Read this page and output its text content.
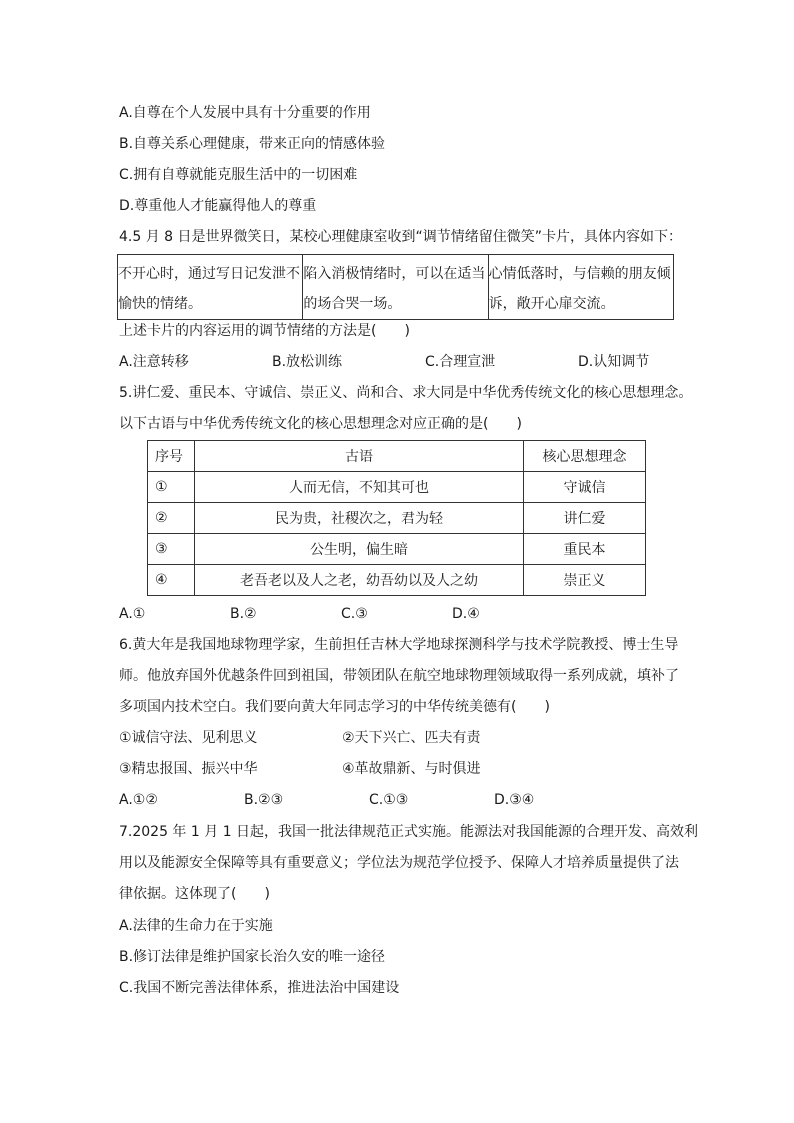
A.自尊在个人发展中具有十分重要的作用
B.自尊关系心理健康，带来正向的情感体验
C.拥有自尊就能克服生活中的一切困难
D.尊重他人才能赢得他人的尊重
4.5 月 8 日是世界微笑日，某校心理健康室收到“调节情绪留住微笑”卡片，具体内容如下：
不开心时，通过写日记发泄不愉快的情绪。	陷入消极情绪时，可以在适当的场合哭一场。	心情低落时，与信赖的朋友倾诉，敞开心扉交流。
上述卡片的内容运用的调节情绪的方法是(　　)
A.注意转移	B.放松训练	C.合理宣泄	D.认知调节
5.讲仁爱、重民本、守诚信、崇正义、尚和合、求大同是中华优秀传统文化的核心思想理念。
以下古语与中华优秀传统文化的核心思想理念对应正确的是(　　)
序号	古语	核心思想理念
①	人而无信，不知其可也	守诚信
②	民为贵，社稷次之，君为轻	讲仁爱
③	公生明，偏生暗	重民本
④	老吾老以及人之老，幼吾幼以及人之幼	崇正义
A.①	B.②	C.③	D.④
6.黄大年是我国地球物理学家，生前担任吉林大学地球探测科学与技术学院教授、博士生导
师。他放弃国外优越条件回到祖国，带领团队在航空地球物理领域取得一系列成就，填补了
多项国内技术空白。我们要向黄大年同志学习的中华传统美德有(　　)
①诚信守法、见利思义	②天下兴亡、匹夫有责
③精忠报国、振兴中华	④革故鼎新、与时俱进
A.①②	B.②③	C.①③	D.③④
7.2025 年 1 月 1 日起，我国一批法律规范正式实施。能源法对我国能源的合理开发、高效利
用以及能源安全保障等具有重要意义；学位法为规范学位授予、保障人才培养质量提供了法
律依据。这体现了(　　)
A.法律的生命力在于实施
B.修订法律是维护国家长治久安的唯一途径
C.我国不断完善法律体系，推进法治中国建设
